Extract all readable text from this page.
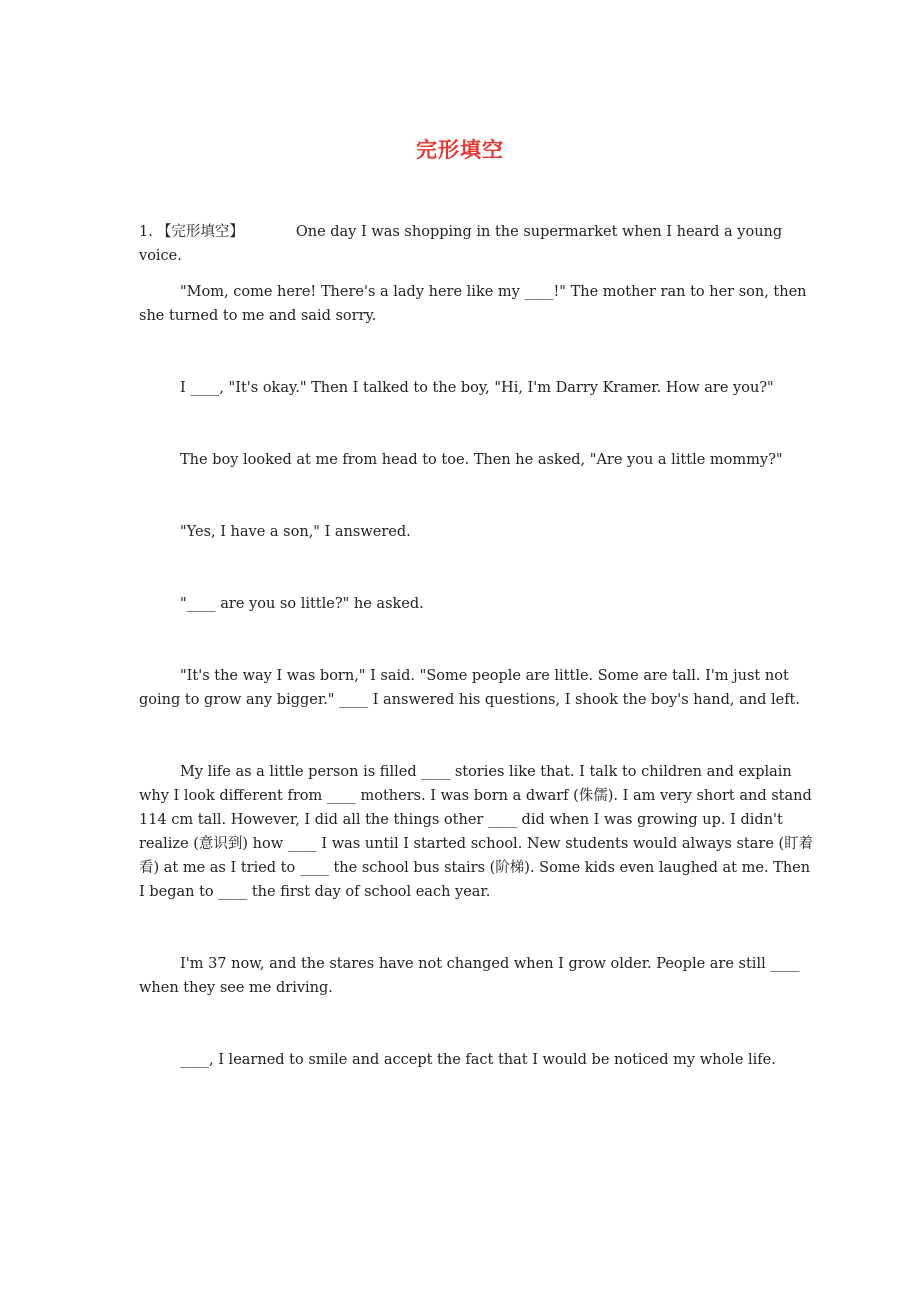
完形填空

1. 【完形填空】	One day I was shopping in the supermarket when I heard a young voice.

"Mom, come here! There's a lady here like my ____!" The mother ran to her son, then she turned to me and said sorry.

I ____, "It's okay." Then I talked to the boy, "Hi, I'm Darry Kramer. How are you?"

The boy looked at me from head to toe. Then he asked, "Are you a little mommy?"

"Yes, I have a son," I answered.

"____ are you so little?" he asked.

"It's the way I was born," I said. "Some people are little. Some are tall. I'm just not going to grow any bigger." ____ I answered his questions, I shook the boy's hand, and left.

My life as a little person is filled ____ stories like that. I talk to children and explain why I look different from ____ mothers. I was born a dwarf (侏儒). I am very short and stand 114 cm tall. However, I did all the things other ____ did when I was growing up. I didn't realize (意识到) how ____ I was until I started school. New students would always stare (盯着看) at me as I tried to ____ the school bus stairs (阶梯). Some kids even laughed at me. Then I began to ____ the first day of school each year.

I'm 37 now, and the stares have not changed when I grow older. People are still ____ when they see me driving.

____, I learned to smile and accept the fact that I would be noticed my whole life.
